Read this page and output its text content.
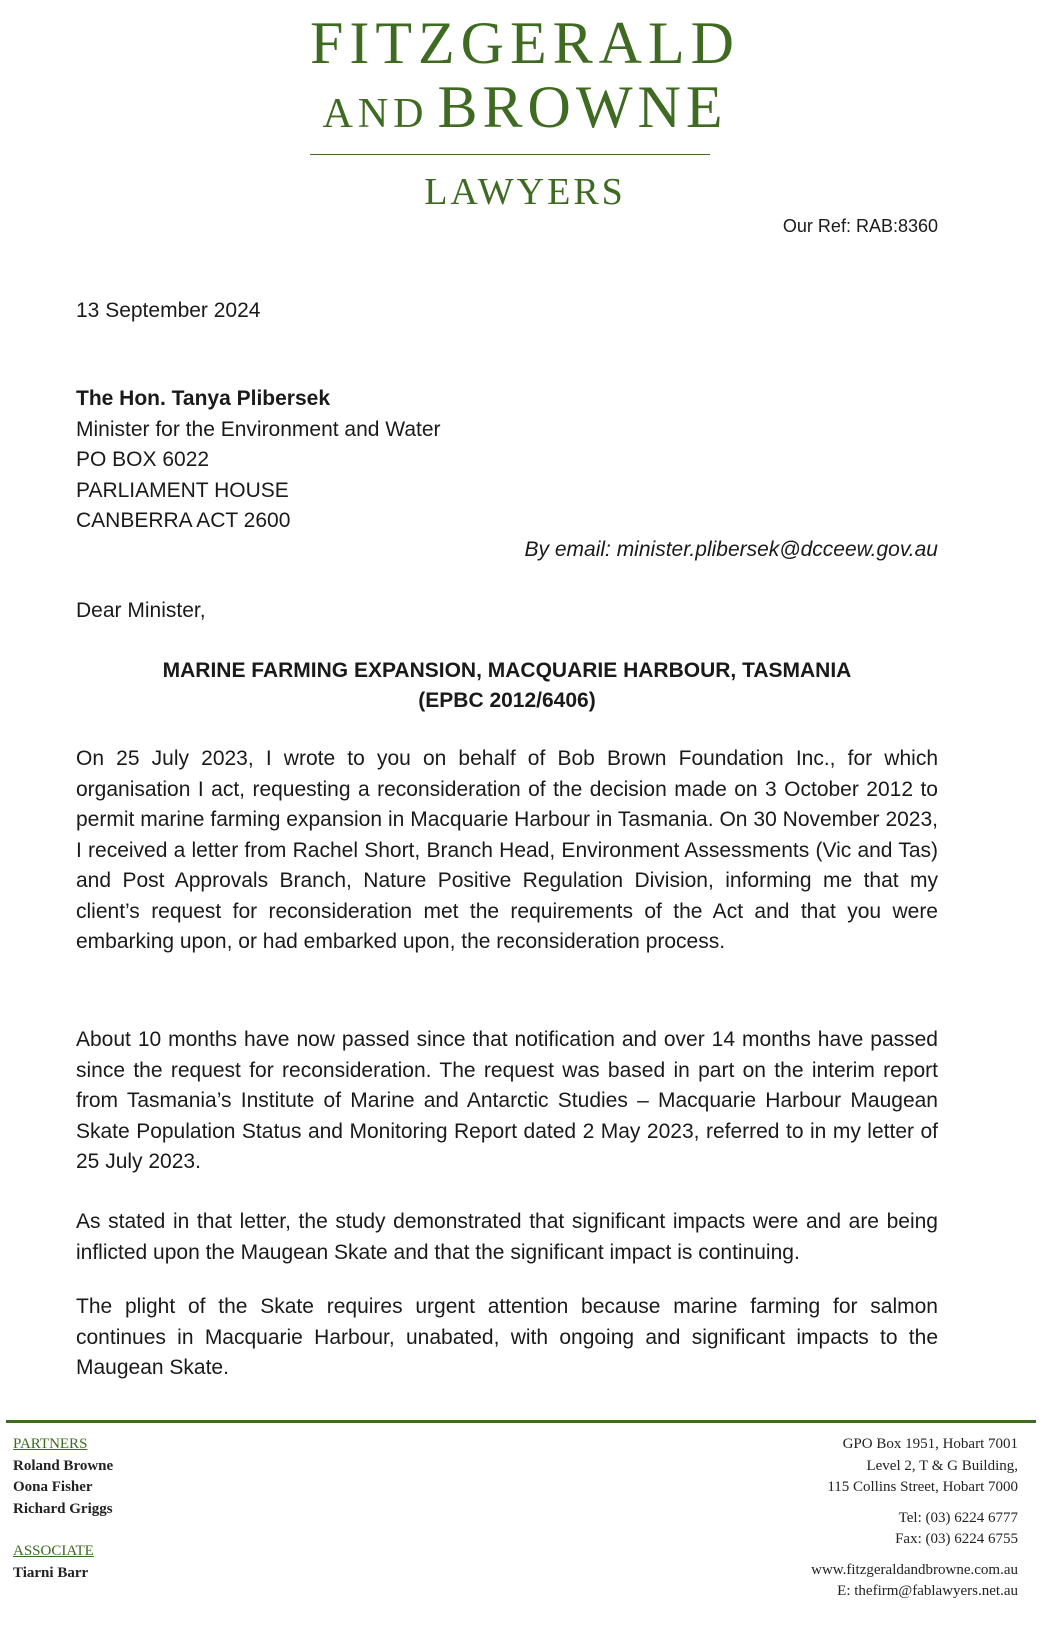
FITZGERALD
AND BROWNE
LAWYERS
Our Ref: RAB:8360
13 September 2024
The Hon. Tanya Plibersek
Minister for the Environment and Water
PO BOX 6022
PARLIAMENT HOUSE
CANBERRA ACT 2600
By email: minister.plibersek@dcceew.gov.au
Dear Minister,
MARINE FARMING EXPANSION, MACQUARIE HARBOUR, TASMANIA
(EPBC 2012/6406)
On 25 July 2023, I wrote to you on behalf of Bob Brown Foundation Inc., for which organisation I act, requesting a reconsideration of the decision made on 3 October 2012 to permit marine farming expansion in Macquarie Harbour in Tasmania. On 30 November 2023, I received a letter from Rachel Short, Branch Head, Environment Assessments (Vic and Tas) and Post Approvals Branch, Nature Positive Regulation Division, informing me that my client’s request for reconsideration met the requirements of the Act and that you were embarking upon, or had embarked upon, the reconsideration process.
About 10 months have now passed since that notification and over 14 months have passed since the request for reconsideration. The request was based in part on the interim report from Tasmania’s Institute of Marine and Antarctic Studies – Macquarie Harbour Maugean Skate Population Status and Monitoring Report dated 2 May 2023, referred to in my letter of 25 July 2023.
As stated in that letter, the study demonstrated that significant impacts were and are being inflicted upon the Maugean Skate and that the significant impact is continuing.
The plight of the Skate requires urgent attention because marine farming for salmon continues in Macquarie Harbour, unabated, with ongoing and significant impacts to the Maugean Skate.
PARTNERS
Roland Browne
Oona Fisher
Richard Griggs
ASSOCIATE
Tiarni Barr
GPO Box 1951, Hobart 7001
Level 2, T & G Building,
115 Collins Street, Hobart 7000
Tel: (03) 6224 6777
Fax: (03) 6224 6755
www.fitzgeraldandbrowne.com.au
E: thefirm@fablawyers.net.au
